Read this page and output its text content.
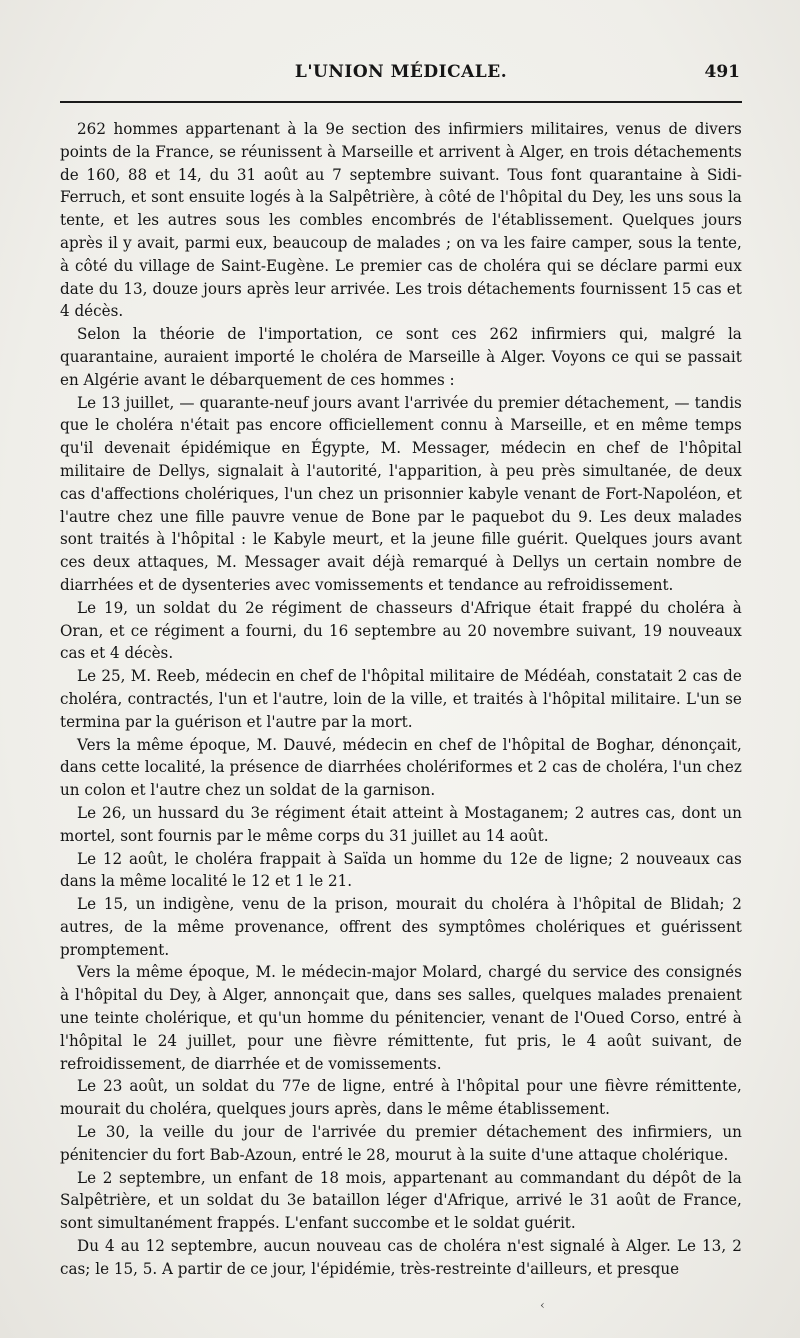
L'UNION MÉDICALE.	491

262 hommes appartenant à la 9e section des infirmiers militaires, venus de divers points de la France, se réunissent à Marseille et arrivent à Alger, en trois détachements de 160, 88 et 14, du 31 août au 7 septembre suivant. Tous font quarantaine à Sidi-Ferruch, et sont ensuite logés à la Salpêtrière, à côté de l'hôpital du Dey, les uns sous la tente, et les autres sous les combles encombrés de l'établissement. Quelques jours après il y avait, parmi eux, beaucoup de malades ; on va les faire camper, sous la tente, à côté du village de Saint-Eugène. Le premier cas de choléra qui se déclare parmi eux date du 13, douze jours après leur arrivée. Les trois détachements fournissent 15 cas et 4 décès.

Selon la théorie de l'importation, ce sont ces 262 infirmiers qui, malgré la quarantaine, auraient importé le choléra de Marseille à Alger. Voyons ce qui se passait en Algérie avant le débarquement de ces hommes :

Le 13 juillet, — quarante-neuf jours avant l'arrivée du premier détachement, — tandis que le choléra n'était pas encore officiellement connu à Marseille, et en même temps qu'il devenait épidémique en Égypte, M. Messager, médecin en chef de l'hôpital militaire de Dellys, signalait à l'autorité, l'apparition, à peu près simultanée, de deux cas d'affections cholériques, l'un chez un prisonnier kabyle venant de Fort-Napoléon, et l'autre chez une fille pauvre venue de Bone par le paquebot du 9. Les deux malades sont traités à l'hôpital : le Kabyle meurt, et la jeune fille guérit. Quelques jours avant ces deux attaques, M. Messager avait déjà remarqué à Dellys un certain nombre de diarrhées et de dysenteries avec vomissements et tendance au refroidissement.

Le 19, un soldat du 2e régiment de chasseurs d'Afrique était frappé du choléra à Oran, et ce régiment a fourni, du 16 septembre au 20 novembre suivant, 19 nouveaux cas et 4 décès.

Le 25, M. Reeb, médecin en chef de l'hôpital militaire de Médéah, constatait 2 cas de choléra, contractés, l'un et l'autre, loin de la ville, et traités à l'hôpital militaire. L'un se termina par la guérison et l'autre par la mort.

Vers la même époque, M. Dauvé, médecin en chef de l'hôpital de Boghar, dénonçait, dans cette localité, la présence de diarrhées cholériformes et 2 cas de choléra, l'un chez un colon et l'autre chez un soldat de la garnison.

Le 26, un hussard du 3e régiment était atteint à Mostaganem; 2 autres cas, dont un mortel, sont fournis par le même corps du 31 juillet au 14 août.

Le 12 août, le choléra frappait à Saïda un homme du 12e de ligne; 2 nouveaux cas dans la même localité le 12 et 1 le 21.

Le 15, un indigène, venu de la prison, mourait du choléra à l'hôpital de Blidah; 2 autres, de la même provenance, offrent des symptômes cholériques et guérissent promptement.

Vers la même époque, M. le médecin-major Molard, chargé du service des consignés à l'hôpital du Dey, à Alger, annonçait que, dans ses salles, quelques malades prenaient une teinte cholérique, et qu'un homme du pénitencier, venant de l'Oued Corso, entré à l'hôpital le 24 juillet, pour une fièvre rémittente, fut pris, le 4 août suivant, de refroidissement, de diarrhée et de vomissements.

Le 23 août, un soldat du 77e de ligne, entré à l'hôpital pour une fièvre rémittente, mourait du choléra, quelques jours après, dans le même établissement.

Le 30, la veille du jour de l'arrivée du premier détachement des infirmiers, un pénitencier du fort Bab-Azoun, entré le 28, mourut à la suite d'une attaque cholérique.

Le 2 septembre, un enfant de 18 mois, appartenant au commandant du dépôt de la Salpêtrière, et un soldat du 3e bataillon léger d'Afrique, arrivé le 31 août de France, sont simultanément frappés. L'enfant succombe et le soldat guérit.

Du 4 au 12 septembre, aucun nouveau cas de choléra n'est signalé à Alger. Le 13, 2 cas; le 15, 5. A partir de ce jour, l'épidémie, très-restreinte d'ailleurs, et presque

‹
